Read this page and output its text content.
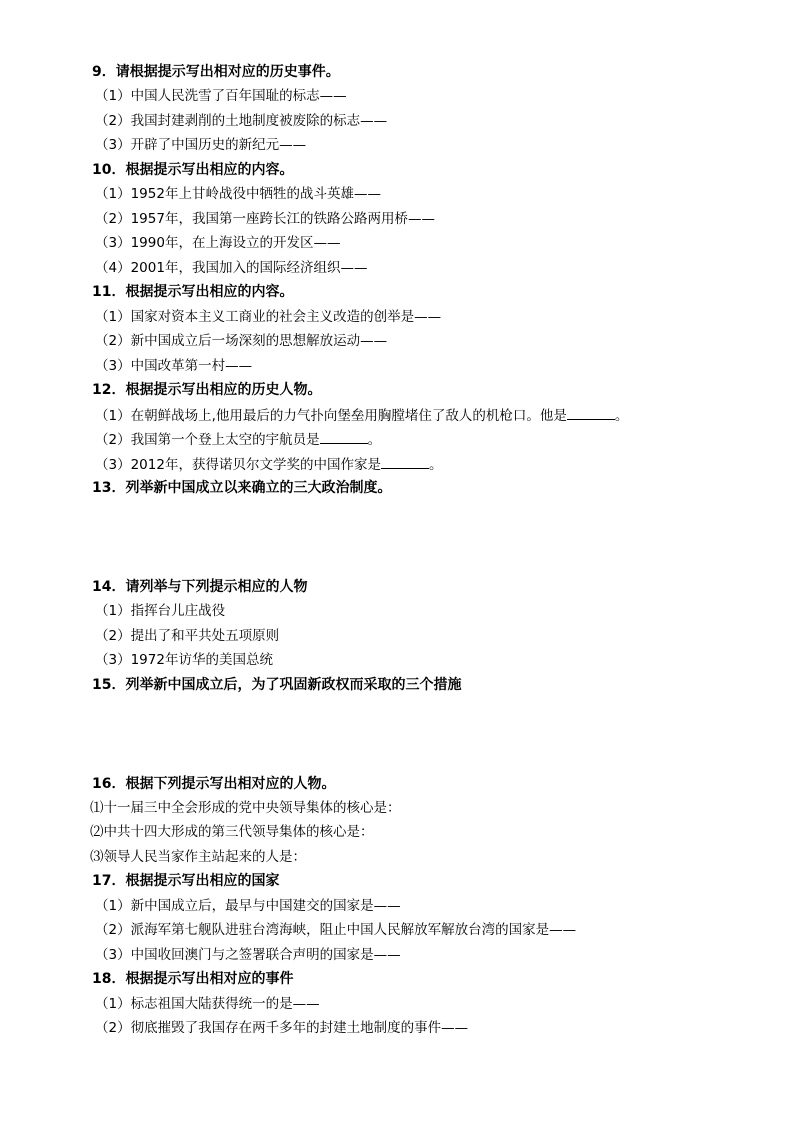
9．请根据提示写出相对应的历史事件。
（1）中国人民洗雪了百年国耻的标志——
（2）我国封建剥削的土地制度被废除的标志——
（3）开辟了中国历史的新纪元——
10．根据提示写出相应的内容。
（1）1952年上甘岭战役中牺牲的战斗英雄——
（2）1957年，我国第一座跨长江的铁路公路两用桥——
（3）1990年，在上海设立的开发区——
（4）2001年，我国加入的国际经济组织——
11．根据提示写出相应的内容。
（1）国家对资本主义工商业的社会主义改造的创举是——
（2）新中国成立后一场深刻的思想解放运动——
（3）中国改革第一村——
12．根据提示写出相应的历史人物。
（1）在朝鲜战场上,他用最后的力气扑向堡垒用胸膛堵住了敌人的机枪口。他是	。
（2）我国第一个登上太空的宇航员是	。
（3）2012年，获得诺贝尔文学奖的中国作家是	。
13．列举新中国成立以来确立的三大政治制度。
14．请列举与下列提示相应的人物
（1）指挥台儿庄战役
（2）提出了和平共处五项原则
（3）1972年访华的美国总统
15．列举新中国成立后，为了巩固新政权而采取的三个措施
16．根据下列提示写出相对应的人物。
⑴十一届三中全会形成的党中央领导集体的核心是：
⑵中共十四大形成的第三代领导集体的核心是：
⑶领导人民当家作主站起来的人是：
17．根据提示写出相应的国家
（1）新中国成立后，最早与中国建交的国家是——
（2）派海军第七舰队进驻台湾海峡，阻止中国人民解放军解放台湾的国家是——
（3）中国收回澳门与之签署联合声明的国家是——
18．根据提示写出相对应的事件
（1）标志祖国大陆获得统一的是——
（2）彻底摧毁了我国存在两千多年的封建土地制度的事件——
